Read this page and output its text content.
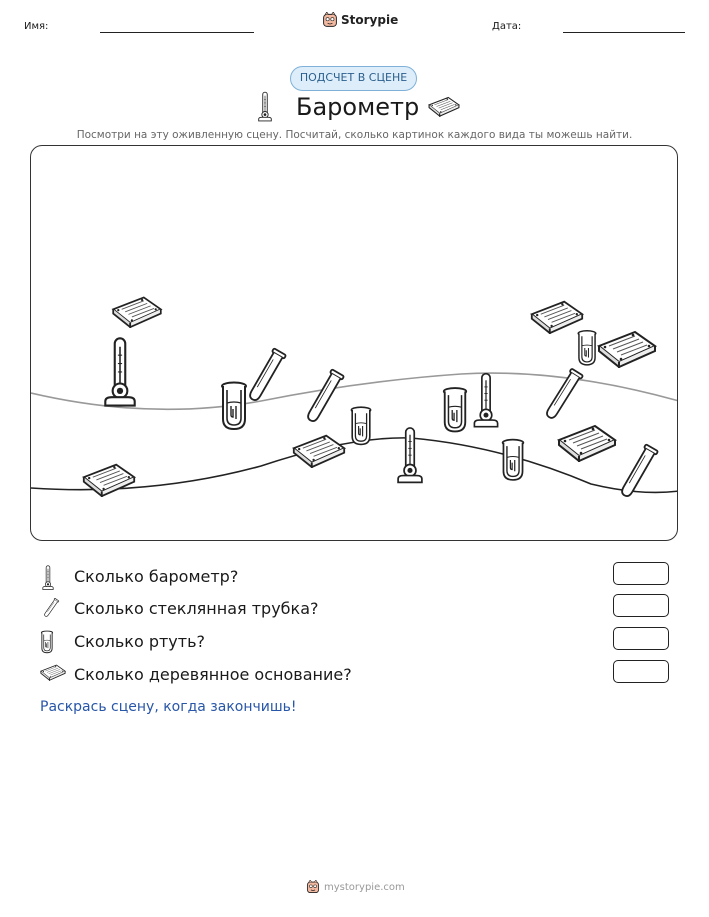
Имя:	Storypie	Дата:
ПОДСЧЕТ В СЦЕНЕ
Барометр
Посмотри на эту оживленную сцену. Посчитай, сколько картинок каждого вида ты можешь найти.
Сколько барометр?
Сколько стеклянная трубка?
Сколько ртуть?
Сколько деревянное основание?
Раскрась сцену, когда закончишь!
mystorypie.com
